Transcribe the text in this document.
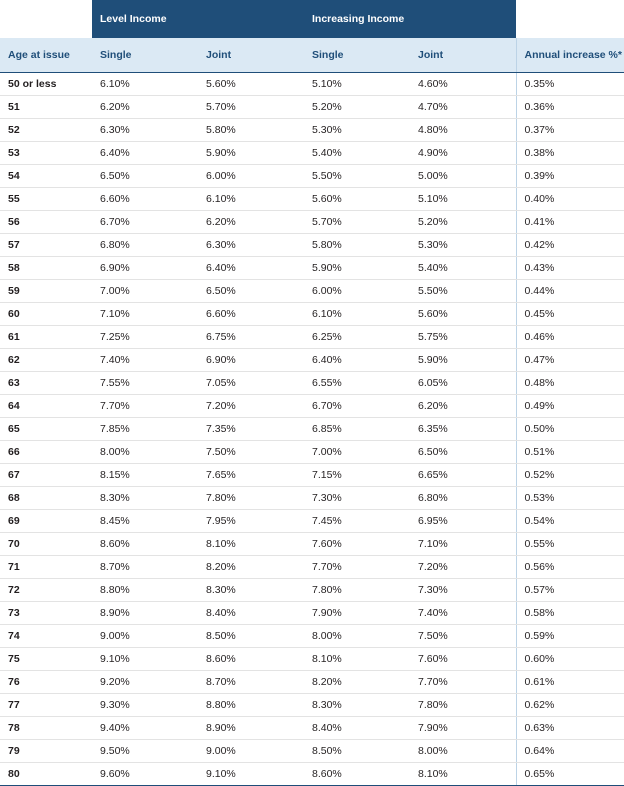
	Level Income		Increasing Income		
Age at issue	Single	Joint	Single	Joint	Annual increase %*
50 or less	6.10%	5.60%	5.10%	4.60%	0.35%
51	6.20%	5.70%	5.20%	4.70%	0.36%
52	6.30%	5.80%	5.30%	4.80%	0.37%
53	6.40%	5.90%	5.40%	4.90%	0.38%
54	6.50%	6.00%	5.50%	5.00%	0.39%
55	6.60%	6.10%	5.60%	5.10%	0.40%
56	6.70%	6.20%	5.70%	5.20%	0.41%
57	6.80%	6.30%	5.80%	5.30%	0.42%
58	6.90%	6.40%	5.90%	5.40%	0.43%
59	7.00%	6.50%	6.00%	5.50%	0.44%
60	7.10%	6.60%	6.10%	5.60%	0.45%
61	7.25%	6.75%	6.25%	5.75%	0.46%
62	7.40%	6.90%	6.40%	5.90%	0.47%
63	7.55%	7.05%	6.55%	6.05%	0.48%
64	7.70%	7.20%	6.70%	6.20%	0.49%
65	7.85%	7.35%	6.85%	6.35%	0.50%
66	8.00%	7.50%	7.00%	6.50%	0.51%
67	8.15%	7.65%	7.15%	6.65%	0.52%
68	8.30%	7.80%	7.30%	6.80%	0.53%
69	8.45%	7.95%	7.45%	6.95%	0.54%
70	8.60%	8.10%	7.60%	7.10%	0.55%
71	8.70%	8.20%	7.70%	7.20%	0.56%
72	8.80%	8.30%	7.80%	7.30%	0.57%
73	8.90%	8.40%	7.90%	7.40%	0.58%
74	9.00%	8.50%	8.00%	7.50%	0.59%
75	9.10%	8.60%	8.10%	7.60%	0.60%
76	9.20%	8.70%	8.20%	7.70%	0.61%
77	9.30%	8.80%	8.30%	7.80%	0.62%
78	9.40%	8.90%	8.40%	7.90%	0.63%
79	9.50%	9.00%	8.50%	8.00%	0.64%
80	9.60%	9.10%	8.60%	8.10%	0.65%
